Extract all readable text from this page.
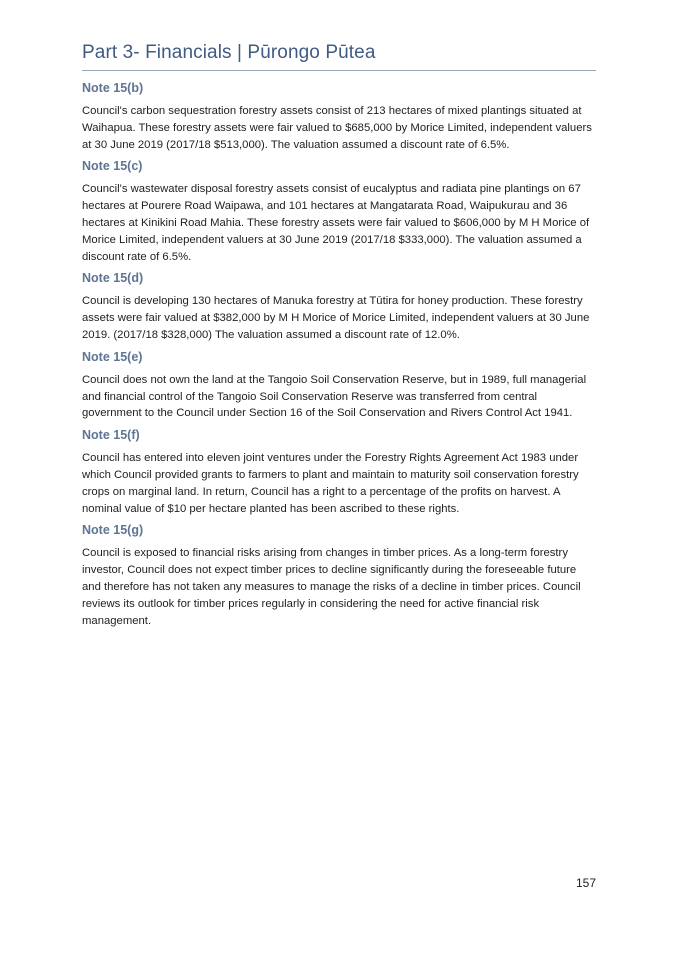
Part 3- Financials | Pūrongo Pūtea
Note 15(b)

Council's carbon sequestration forestry assets consist of 213 hectares of mixed plantings situated at Waihapua. These forestry assets were fair valued to $685,000 by Morice Limited, independent valuers at 30 June 2019 (2017/18 $513,000). The valuation assumed a discount rate of 6.5%.

Note 15(c)

Council's wastewater disposal forestry assets consist of eucalyptus and radiata pine plantings on 67 hectares at Pourere Road Waipawa, and 101 hectares at Mangatarata Road, Waipukurau and 36 hectares at Kinikini Road Mahia. These forestry assets were fair valued to $606,000 by M H Morice of Morice Limited, independent valuers at 30 June 2019 (2017/18 $333,000). The valuation assumed a discount rate of 6.5%.

Note 15(d)

Council is developing 130 hectares of Manuka forestry at Tūtira for honey production. These forestry assets were fair valued at $382,000 by M H Morice of Morice Limited, independent valuers at 30 June 2019. (2017/18 $328,000) The valuation assumed a discount rate of 12.0%.

Note 15(e)

Council does not own the land at the Tangoio Soil Conservation Reserve, but in 1989, full managerial and financial control of the Tangoio Soil Conservation Reserve was transferred from central government to the Council under Section 16 of the Soil Conservation and Rivers Control Act 1941.

Note 15(f)

Council has entered into eleven joint ventures under the Forestry Rights Agreement Act 1983 under which Council provided grants to farmers to plant and maintain to maturity soil conservation forestry crops on marginal land. In return, Council has a right to a percentage of the profits on harvest. A nominal value of $10 per hectare planted has been ascribed to these rights.

Note 15(g)

Council is exposed to financial risks arising from changes in timber prices. As a long-term forestry investor, Council does not expect timber prices to decline significantly during the foreseeable future and therefore has not taken any measures to manage the risks of a decline in timber prices. Council reviews its outlook for timber prices regularly in considering the need for active financial risk management.

157
